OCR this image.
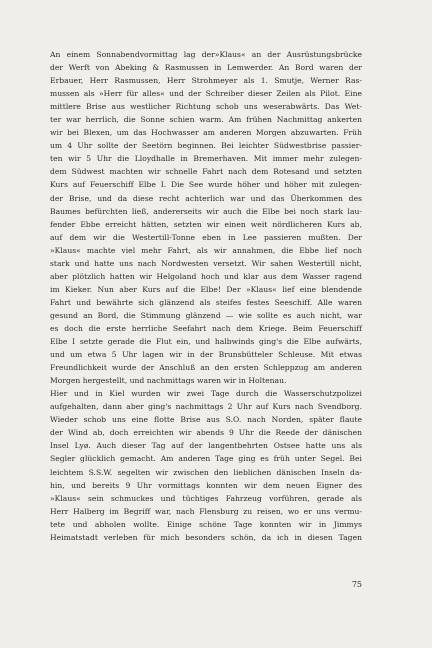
An einem Sonnabendvormittag lag der»Klaus« an der Ausrüstungsbrücke
der Werft von Abeking & Rasmussen in Lemwerder. An Bord waren der
Erbauer, Herr Rasmussen, Herr Strohmeyer als 1. Smutje, Werner Ras-
mussen als »Herr für alles« und der Schreiber dieser Zeilen als Pilot. Eine
mittlere Brise aus westlicher Richtung schob uns weserabwärts. Das Wet-
ter war herrlich, die Sonne schien warm. Am frühen Nachmittag ankerten
wir bei Blexen, um das Hochwasser am anderen Morgen abzuwarten. Früh
um 4 Uhr sollte der Seetörn beginnen. Bei leichter Südwestbrise passier-
ten wir 5 Uhr die Lloydhalle in Bremerhaven. Mit immer mehr zulegen-
dem Südwest machten wir schnelle Fahrt nach dem Rotesand und setzten
Kurs auf Feuerschiff Elbe I. Die See wurde höher und höher mit zulegen-
der Brise, und da diese recht achterlich war und das Überkommen des
Baumes befürchten ließ, andererseits wir auch die Elbe bei noch stark lau-
fender Ebbe erreicht hätten, setzten wir einen weit nördlicheren Kurs ab,
auf dem wir die Westertill-Tonne eben in Lee passieren mußten. Der
»Klaus« machte viel mehr Fahrt, als wir annahmen, die Ebbe lief noch
stark und hatte uns nach Nordwesten versetzt. Wir sahen Westertill nicht,
aber plötzlich hatten wir Helgoland hoch und klar aus dem Wasser ragend
im Kieker. Nun aber Kurs auf die Elbe! Der »Klaus« lief eine blendende
Fahrt und bewährte sich glänzend als steifes festes Seeschiff. Alle waren
gesund an Bord, die Stimmung glänzend — wie sollte es auch nicht, war
es doch die erste herrliche Seefahrt nach dem Kriege. Beim Feuerschiff
Elbe I setzte gerade die Flut ein, und halbwinds ging's die Elbe aufwärts,
und um etwa 5 Uhr lagen wir in der Brunsbütteler Schleuse. Mit etwas
Freundlichkeit wurde der Anschluß an den ersten Schleppzug am anderen
Morgen hergestellt, und nachmittags waren wir in Holtenau.
Hier und in Kiel wurden wir zwei Tage durch die Wasserschutzpolizei
aufgehalten, dann aber ging's nachmittags 2 Uhr auf Kurs nach Svendborg.
Wieder schob uns eine flotte Brise aus S.O. nach Norden, später flaute
der Wind ab, doch erreichten wir abends 9 Uhr die Reede der dänischen
Insel Lyø. Auch dieser Tag auf der langentbehrten Ostsee hatte uns als
Segler glücklich gemacht. Am anderen Tage ging es früh unter Segel. Bei
leichtem S.S.W. segelten wir zwischen den lieblichen dänischen Inseln da-
hin, und bereits 9 Uhr vormittags konnten wir dem neuen Eigner des
»Klaus« sein schmuckes und tüchtiges Fahrzeug vorführen, gerade als
Herr Halberg im Begriff war, nach Flensburg zu reisen, wo er uns vermu-
tete und abholen wollte. Einige schöne Tage konnten wir in Jimmys
Heimatstadt verleben für mich besonders schön, da ich in diesen Tagen
75
